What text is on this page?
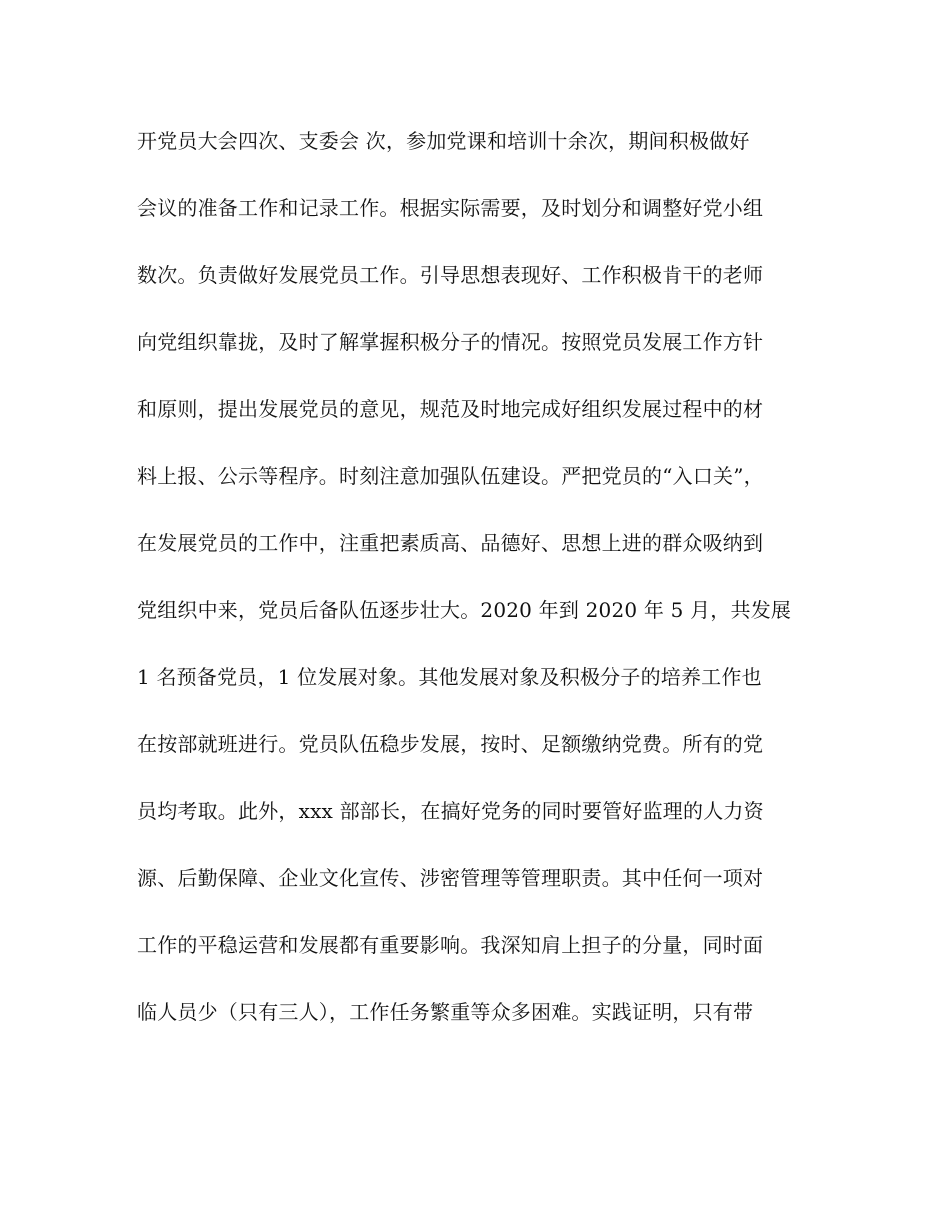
开党员大会四次、支委会 次，参加党课和培训十余次，期间积极做好
会议的准备工作和记录工作。根据实际需要，及时划分和调整好党小组
数次。负责做好发展党员工作。引导思想表现好、工作积极肯干的老师
向党组织靠拢，及时了解掌握积极分子的情况。按照党员发展工作方针
和原则，提出发展党员的意见，规范及时地完成好组织发展过程中的材
料上报、公示等程序。时刻注意加强队伍建设。严把党员的“入口关”，
在发展党员的工作中，注重把素质高、品德好、思想上进的群众吸纳到
党组织中来，党员后备队伍逐步壮大。2020 年到 2020 年 5 月，共发展
1 名预备党员，1 位发展对象。其他发展对象及积极分子的培养工作也
在按部就班进行。党员队伍稳步发展，按时、足额缴纳党费。所有的党
员均考取。此外，xxx 部部长，在搞好党务的同时要管好监理的人力资
源、后勤保障、企业文化宣传、涉密管理等管理职责。其中任何一项对
工作的平稳运营和发展都有重要影响。我深知肩上担子的分量，同时面
临人员少（只有三人），工作任务繁重等众多困难。实践证明，只有带
